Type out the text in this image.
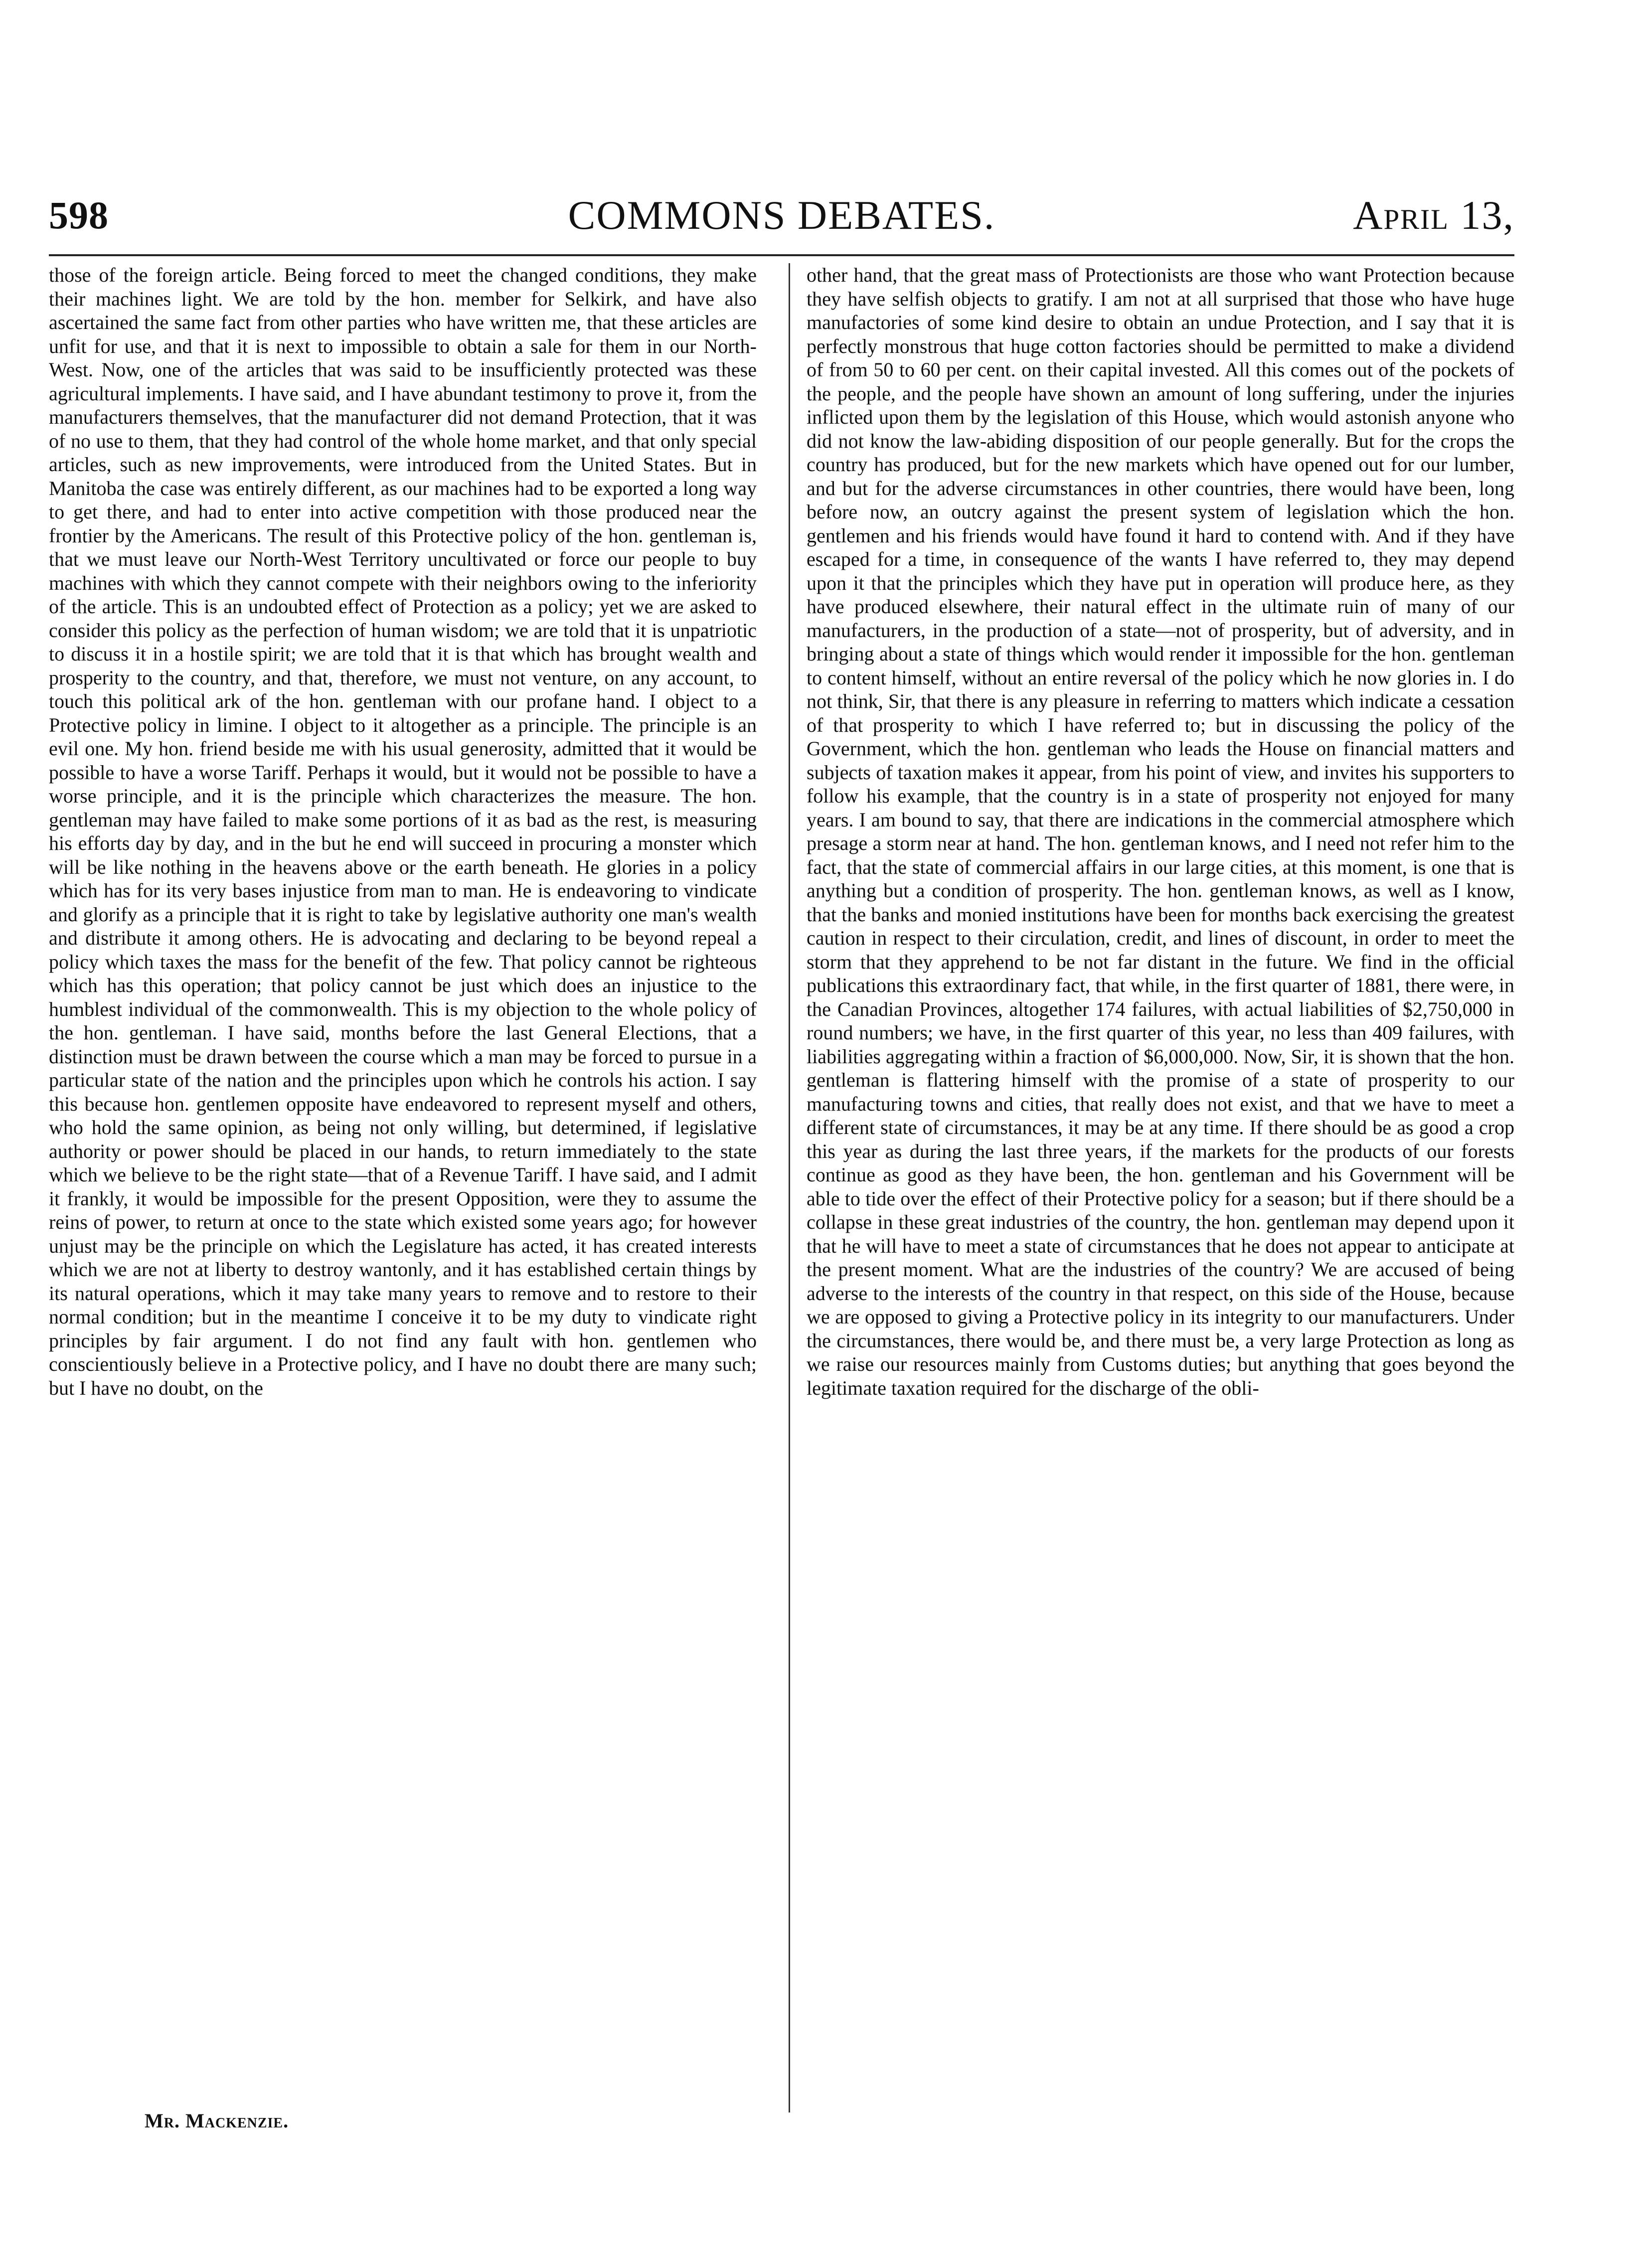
598	COMMONS DEBATES.	April 13,

those of the foreign article. Being forced to meet the changed conditions, they make their machines light. We are told by the hon. member for Selkirk, and have also ascertained the same fact from other parties who have written me, that these articles are unfit for use, and that it is next to impossible to obtain a sale for them in our North-West. Now, one of the articles that was said to be insufficiently protected was these agricultural implements. I have said, and I have abundant testimony to prove it, from the manufacturers themselves, that the manufacturer did not demand Protection, that it was of no use to them, that they had control of the whole home market, and that only special articles, such as new improvements, were introduced from the United States. But in Manitoba the case was entirely different, as our machines had to be exported a long way to get there, and had to enter into active competition with those produced near the frontier by the Americans. The result of this Protective policy of the hon. gentleman is, that we must leave our North-West Territory uncultivated or force our people to buy machines with which they cannot compete with their neighbors owing to the inferiority of the article. This is an undoubted effect of Protection as a policy; yet we are asked to consider this policy as the perfection of human wisdom; we are told that it is unpatriotic to discuss it in a hostile spirit; we are told that it is that which has brought wealth and prosperity to the country, and that, therefore, we must not venture, on any account, to touch this political ark of the hon. gentleman with our profane hand. I object to a Protective policy in limine. I object to it altogether as a principle. The principle is an evil one. My hon. friend beside me with his usual generosity, admitted that it would be possible to have a worse Tariff. Perhaps it would, but it would not be possible to have a worse principle, and it is the principle which characterizes the measure. The hon. gentleman may have failed to make some portions of it as bad as the rest, is measuring his efforts day by day, and in the but he end will succeed in procuring a monster which will be like nothing in the heavens above or the earth beneath. He glories in a policy which has for its very bases injustice from man to man. He is endeavoring to vindicate and glorify as a principle that it is right to take by legislative authority one man's wealth and distribute it among others. He is advocating and declaring to be beyond repeal a policy which taxes the mass for the benefit of the few. That policy cannot be righteous which has this operation; that policy cannot be just which does an injustice to the humblest individual of the commonwealth. This is my objection to the whole policy of the hon. gentleman. I have said, months before the last General Elections, that a distinction must be drawn between the course which a man may be forced to pursue in a particular state of the nation and the principles upon which he controls his action. I say this because hon. gentlemen opposite have endeavored to represent myself and others, who hold the same opinion, as being not only willing, but determined, if legislative authority or power should be placed in our hands, to return immediately to the state which we believe to be the right state—that of a Revenue Tariff. I have said, and I admit it frankly, it would be impossible for the present Opposition, were they to assume the reins of power, to return at once to the state which existed some years ago; for however unjust may be the principle on which the Legislature has acted, it has created interests which we are not at liberty to destroy wantonly, and it has established certain things by its natural operations, which it may take many years to remove and to restore to their normal condition; but in the meantime I conceive it to be my duty to vindicate right principles by fair argument. I do not find any fault with hon. gentlemen who conscientiously believe in a Protective policy, and I have no doubt there are many such; but I have no doubt, on the

other hand, that the great mass of Protectionists are those who want Protection because they have selfish objects to gratify. I am not at all surprised that those who have huge manufactories of some kind desire to obtain an undue Protection, and I say that it is perfectly monstrous that huge cotton factories should be permitted to make a dividend of from 50 to 60 per cent. on their capital invested. All this comes out of the pockets of the people, and the people have shown an amount of long suffering, under the injuries inflicted upon them by the legislation of this House, which would astonish anyone who did not know the law-abiding disposition of our people generally. But for the crops the country has produced, but for the new markets which have opened out for our lumber, and but for the adverse circumstances in other countries, there would have been, long before now, an outcry against the present system of legislation which the hon. gentlemen and his friends would have found it hard to contend with. And if they have escaped for a time, in consequence of the wants I have referred to, they may depend upon it that the principles which they have put in operation will produce here, as they have produced elsewhere, their natural effect in the ultimate ruin of many of our manufacturers, in the production of a state—not of prosperity, but of adversity, and in bringing about a state of things which would render it impossible for the hon. gentleman to content himself, without an entire reversal of the policy which he now glories in. I do not think, Sir, that there is any pleasure in referring to matters which indicate a cessation of that prosperity to which I have referred to; but in discussing the policy of the Government, which the hon. gentleman who leads the House on financial matters and subjects of taxation makes it appear, from his point of view, and invites his supporters to follow his example, that the country is in a state of prosperity not enjoyed for many years. I am bound to say, that there are indications in the commercial atmosphere which presage a storm near at hand. The hon. gentleman knows, and I need not refer him to the fact, that the state of commercial affairs in our large cities, at this moment, is one that is anything but a condition of prosperity. The hon. gentleman knows, as well as I know, that the banks and monied institutions have been for months back exercising the greatest caution in respect to their circulation, credit, and lines of discount, in order to meet the storm that they apprehend to be not far distant in the future. We find in the official publications this extraordinary fact, that while, in the first quarter of 1881, there were, in the Canadian Provinces, altogether 174 failures, with actual liabilities of $2,750,000 in round numbers; we have, in the first quarter of this year, no less than 409 failures, with liabilities aggregating within a fraction of $6,000,000. Now, Sir, it is shown that the hon. gentleman is flattering himself with the promise of a state of prosperity to our manufacturing towns and cities, that really does not exist, and that we have to meet a different state of circumstances, it may be at any time. If there should be as good a crop this year as during the last three years, if the markets for the products of our forests continue as good as they have been, the hon. gentleman and his Government will be able to tide over the effect of their Protective policy for a season; but if there should be a collapse in these great industries of the country, the hon. gentleman may depend upon it that he will have to meet a state of circumstances that he does not appear to anticipate at the present moment. What are the industries of the country? We are accused of being adverse to the interests of the country in that respect, on this side of the House, because we are opposed to giving a Protective policy in its integrity to our manufacturers. Under the circumstances, there would be, and there must be, a very large Protection as long as we raise our resources mainly from Customs duties; but anything that goes beyond the legitimate taxation required for the discharge of the obli-

Mr. Mackenzie.
